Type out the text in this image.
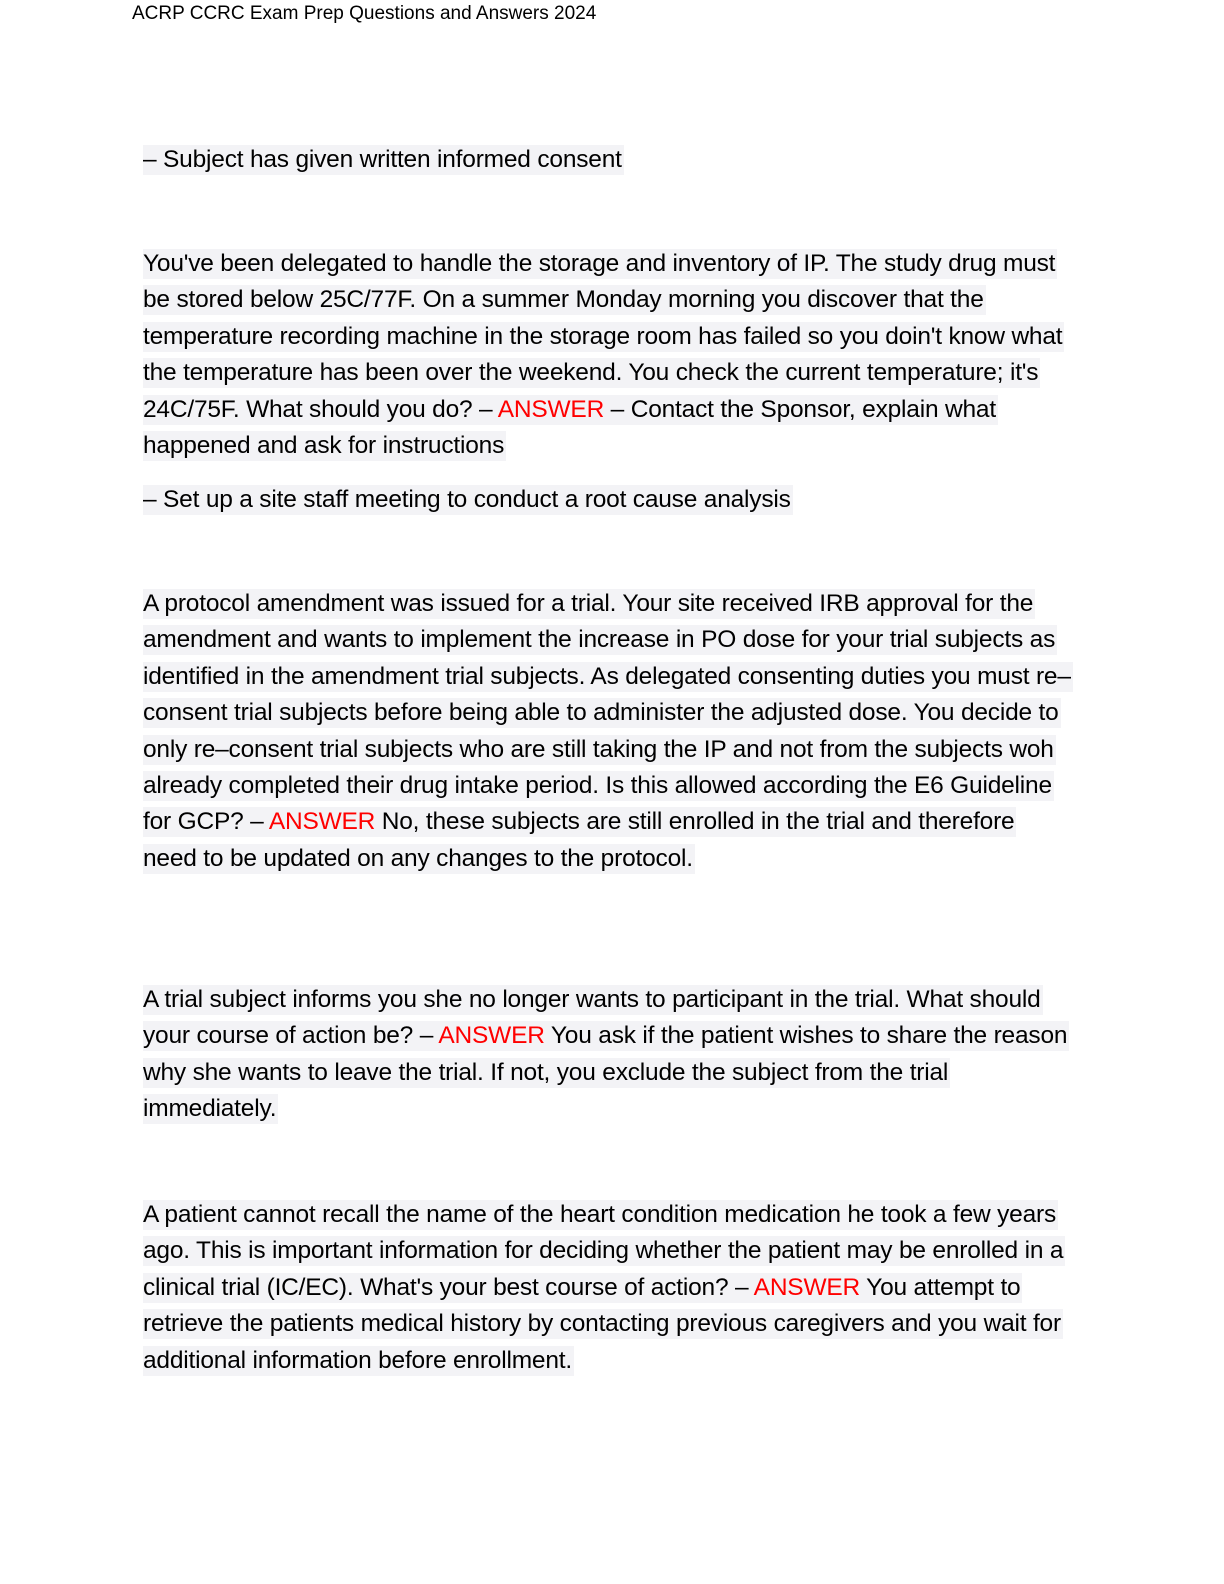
ACRP CCRC Exam Prep Questions and Answers 2024
– Subject has given written informed consent
You've been delegated to handle the storage and inventory of IP. The study drug must be stored below 25C/77F. On a summer Monday morning you discover that the temperature recording machine in the storage room has failed so you doin't know what the temperature has been over the weekend. You check the current temperature; it's 24C/75F. What should you do? – ANSWER – Contact the Sponsor, explain what happened and ask for instructions
– Set up a site staff meeting to conduct a root cause analysis
A protocol amendment was issued for a trial. Your site received IRB approval for the amendment and wants to implement the increase in PO dose for your trial subjects as identified in the amendment trial subjects. As delegated consenting duties you must re–consent trial subjects before being able to administer the adjusted dose. You decide to only re–consent trial subjects who are still taking the IP and not from the subjects woh already completed their drug intake period. Is this allowed according the E6 Guideline for GCP? – ANSWER No, these subjects are still enrolled in the trial and therefore need to be updated on any changes to the protocol.
A trial subject informs you she no longer wants to participant in the trial. What should your course of action be? – ANSWER You ask if the patient wishes to share the reason why she wants to leave the trial. If not, you exclude the subject from the trial immediately.
A patient cannot recall the name of the heart condition medication he took a few years ago. This is important information for deciding whether the patient may be enrolled in a clinical trial (IC/EC). What's your best course of action? – ANSWER You attempt to retrieve the patients medical history by contacting previous caregivers and you wait for additional information before enrollment.
